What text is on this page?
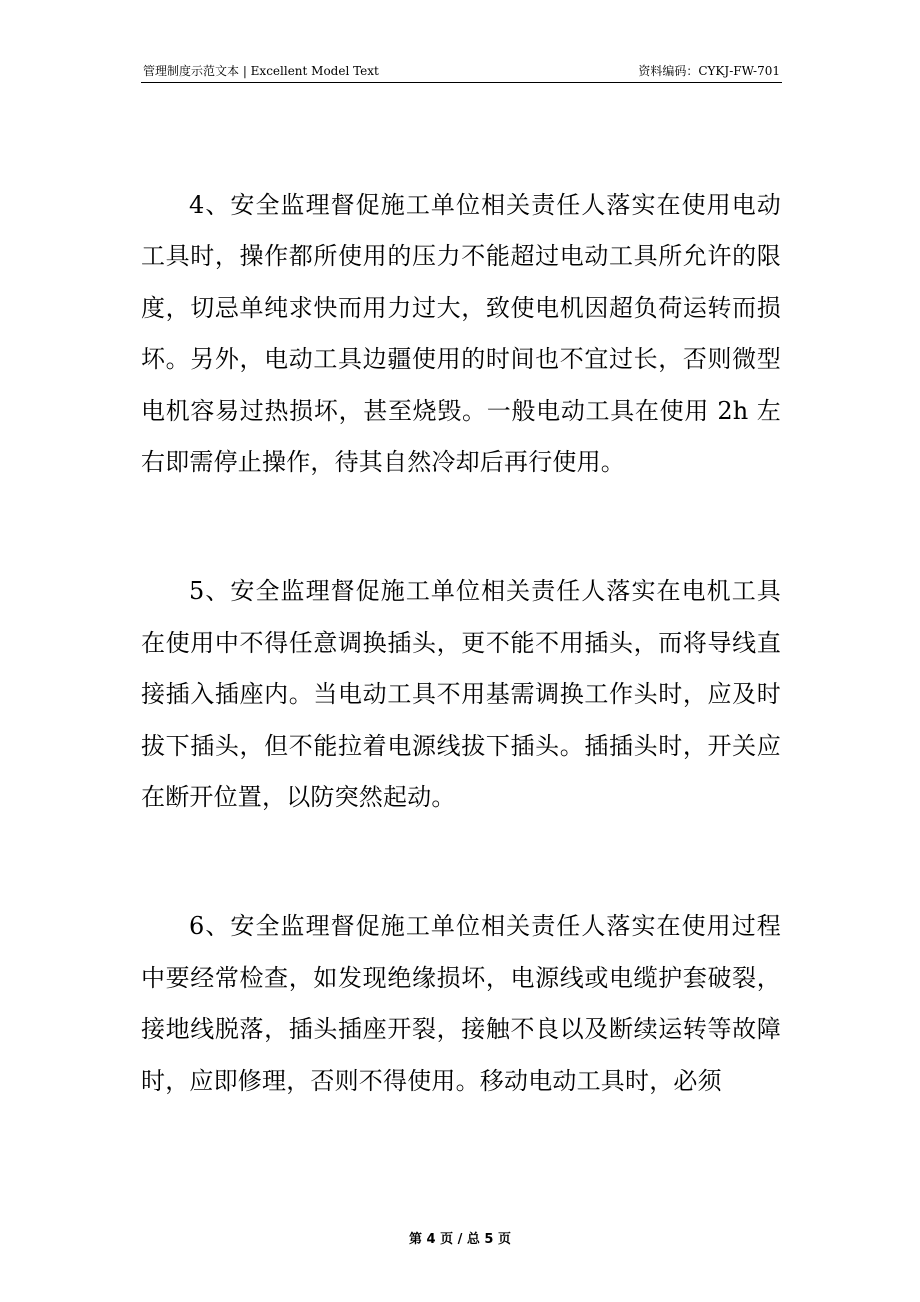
管理制度示范文本 | Excellent Model Text	资料编码：CYKJ-FW-701

4、安全监理督促施工单位相关责任人落实在使用电动工具时，操作都所使用的压力不能超过电动工具所允许的限度，切忌单纯求快而用力过大，致使电机因超负荷运转而损坏。另外，电动工具边疆使用的时间也不宜过长，否则微型电机容易过热损坏，甚至烧毁。一般电动工具在使用 2h 左右即需停止操作，待其自然冷却后再行使用。

5、安全监理督促施工单位相关责任人落实在电机工具在使用中不得任意调换插头，更不能不用插头，而将导线直接插入插座内。当电动工具不用基需调换工作头时，应及时拔下插头，但不能拉着电源线拔下插头。插插头时，开关应在断开位置，以防突然起动。

6、安全监理督促施工单位相关责任人落实在使用过程中要经常检查，如发现绝缘损坏，电源线或电缆护套破裂，接地线脱落，插头插座开裂，接触不良以及断续运转等故障时，应即修理，否则不得使用。移动电动工具时，必须

第 4 页 / 总 5 页
